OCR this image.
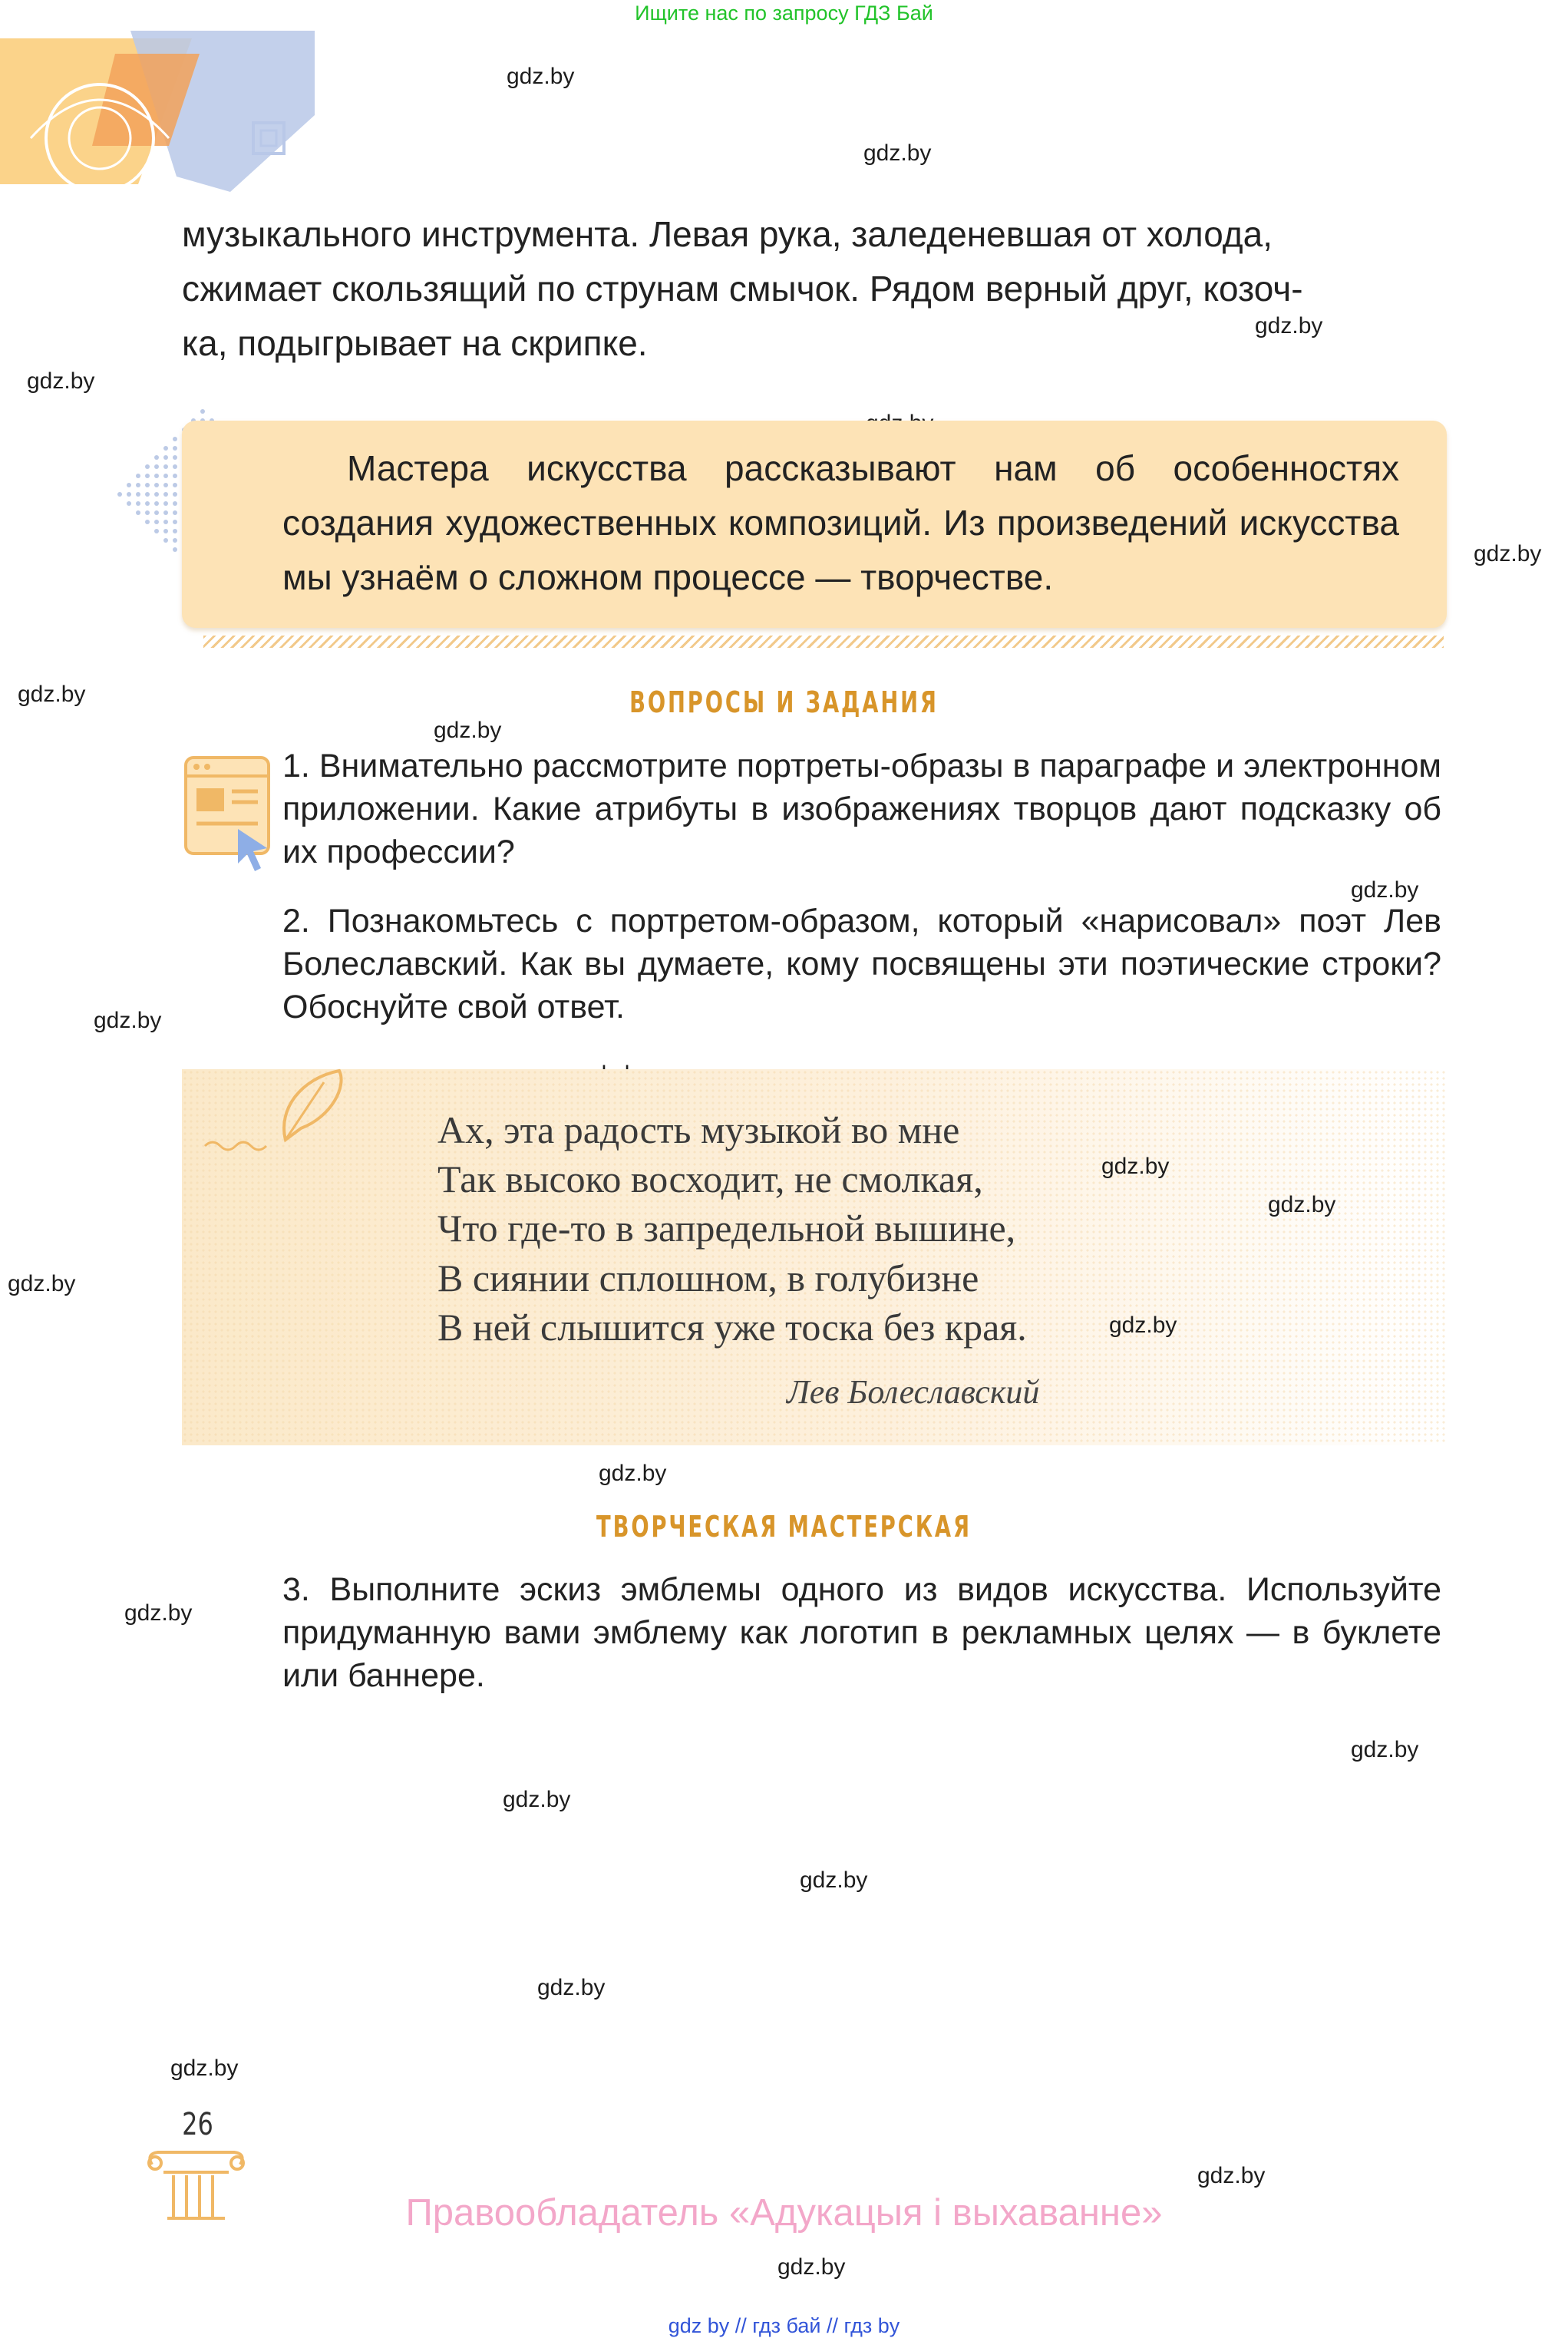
Ищите нас по запросу ГДЗ Бай
gdz.by
gdz.by
gdz.by
gdz.by
gdz.by
gdz.by
gdz.by
gdz.by
gdz.by
музыкального инструмента. Левая рука, заледеневшая от холода,
сжимает скользящий по струнам смычок. Рядом верный друг, козоч-
ка, подыгрывает на скрипке.
Мастера искусства рассказывают нам об особенностях создания художественных композиций. Из произведений искусства мы узнаём о сложном процессе — творчестве.
ВОПРОСЫ И ЗАДАНИЯ
1. Внимательно рассмотрите портреты-образы в параграфе и электронном приложении. Какие атрибуты в изображениях творцов дают подсказку об их профессии?
2. Познакомьтесь с портретом-образом, который «нарисовал» поэт Лев Болеславский. Как вы думаете, кому посвящены эти поэтические строки? Обоснуйте свой ответ.
Ах, эта радость музыкой во мне
Так высоко восходит, не смолкая,
Что где-то в запредельной вышине,
В сиянии сплошном, в голубизне
В ней слышится уже тоска без края.
Лев Болеславский
gdz.by
gdz.by
gdz.by
gdz.by
gdz.by
ТВОРЧЕСКАЯ МАСТЕРСКАЯ
3. Выполните эскиз эмблемы одного из видов искусства. Используйте придуманную вами эмблему как логотип в рекламных целях — в буклете или баннере.
gdz.by
gdz.by
gdz.by
gdz.by
gdz.by
gdz.by
gdz.by
gdz.by
26
Правообладатель «Адукацыя і выхаванне»
gdz by // гдз бай // гдз by
